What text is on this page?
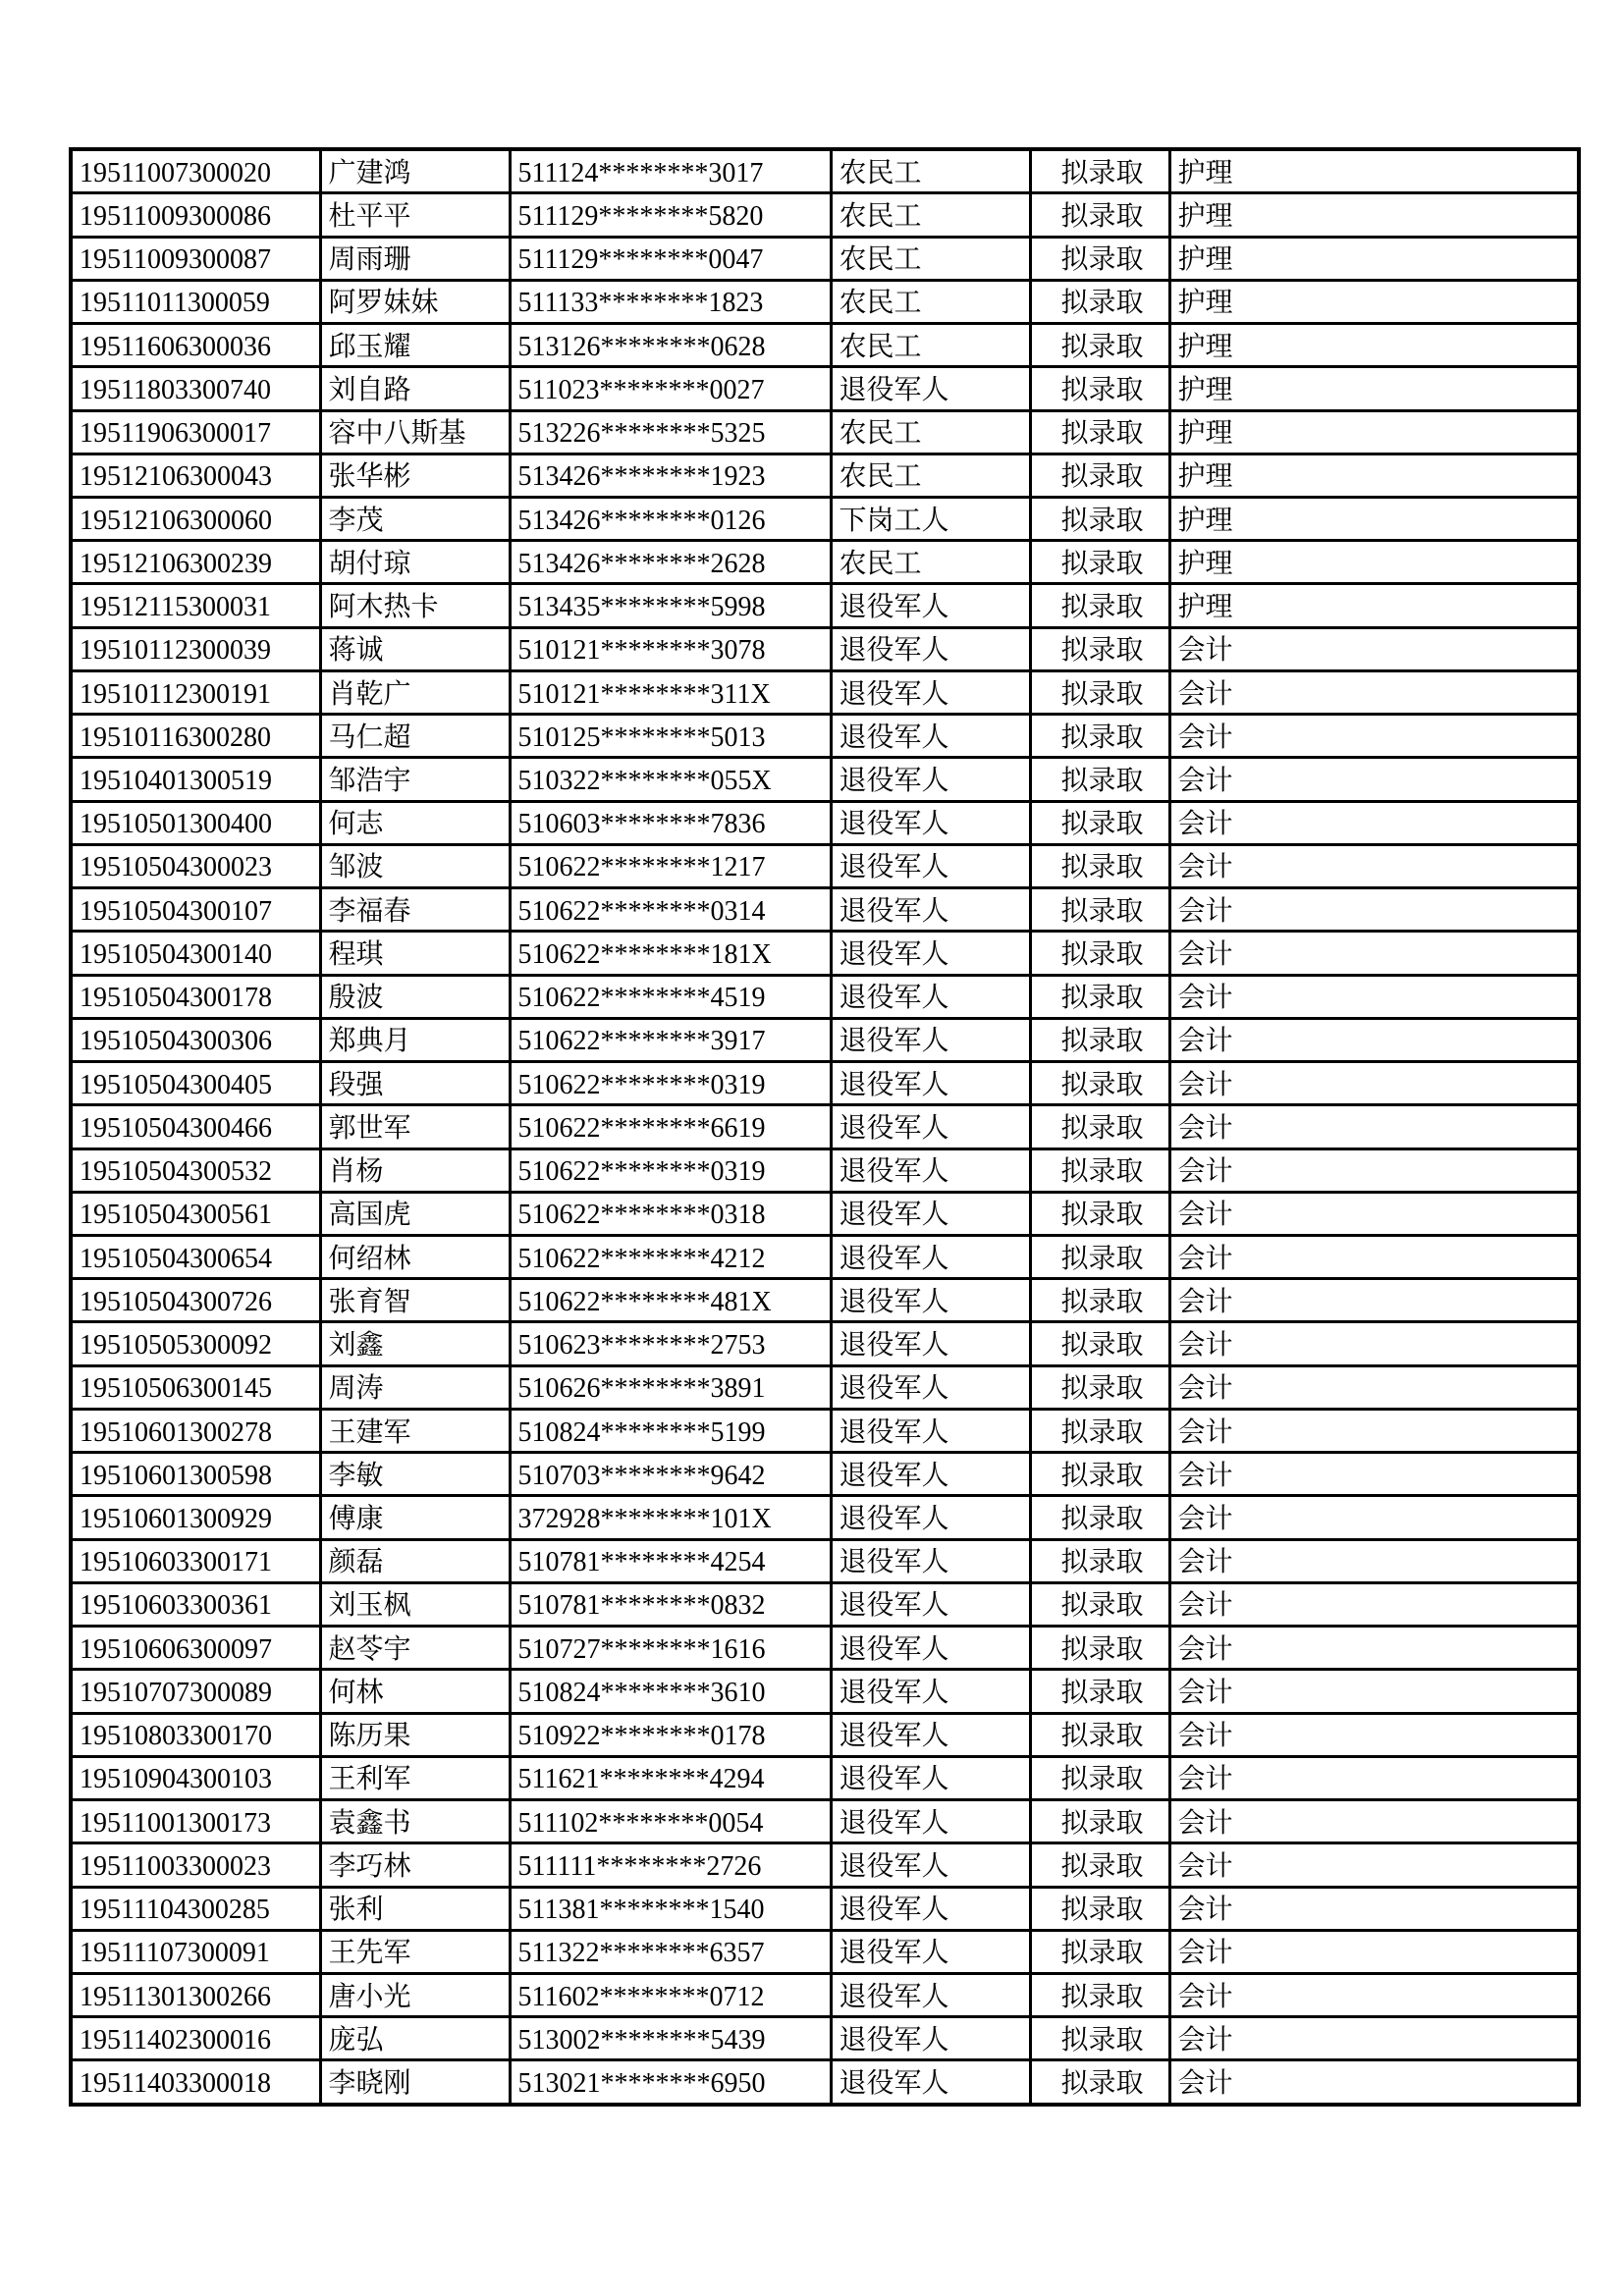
19511007300020	广建鸿	511124********3017	农民工	拟录取	护理
19511009300086	杜平平	511129********5820	农民工	拟录取	护理
19511009300087	周雨珊	511129********0047	农民工	拟录取	护理
19511011300059	阿罗妹妹	511133********1823	农民工	拟录取	护理
19511606300036	邱玉耀	513126********0628	农民工	拟录取	护理
19511803300740	刘自路	511023********0027	退役军人	拟录取	护理
19511906300017	容中八斯基	513226********5325	农民工	拟录取	护理
19512106300043	张华彬	513426********1923	农民工	拟录取	护理
19512106300060	李茂	513426********0126	下岗工人	拟录取	护理
19512106300239	胡付琼	513426********2628	农民工	拟录取	护理
19512115300031	阿木热卡	513435********5998	退役军人	拟录取	护理
19510112300039	蒋诚	510121********3078	退役军人	拟录取	会计
19510112300191	肖乾广	510121********311X	退役军人	拟录取	会计
19510116300280	马仁超	510125********5013	退役军人	拟录取	会计
19510401300519	邹浩宇	510322********055X	退役军人	拟录取	会计
19510501300400	何志	510603********7836	退役军人	拟录取	会计
19510504300023	邹波	510622********1217	退役军人	拟录取	会计
19510504300107	李福春	510622********0314	退役军人	拟录取	会计
19510504300140	程琪	510622********181X	退役军人	拟录取	会计
19510504300178	殷波	510622********4519	退役军人	拟录取	会计
19510504300306	郑典月	510622********3917	退役军人	拟录取	会计
19510504300405	段强	510622********0319	退役军人	拟录取	会计
19510504300466	郭世军	510622********6619	退役军人	拟录取	会计
19510504300532	肖杨	510622********0319	退役军人	拟录取	会计
19510504300561	高国虎	510622********0318	退役军人	拟录取	会计
19510504300654	何绍林	510622********4212	退役军人	拟录取	会计
19510504300726	张育智	510622********481X	退役军人	拟录取	会计
19510505300092	刘鑫	510623********2753	退役军人	拟录取	会计
19510506300145	周涛	510626********3891	退役军人	拟录取	会计
19510601300278	王建军	510824********5199	退役军人	拟录取	会计
19510601300598	李敏	510703********9642	退役军人	拟录取	会计
19510601300929	傅康	372928********101X	退役军人	拟录取	会计
19510603300171	颜磊	510781********4254	退役军人	拟录取	会计
19510603300361	刘玉枫	510781********0832	退役军人	拟录取	会计
19510606300097	赵苓宇	510727********1616	退役军人	拟录取	会计
19510707300089	何林	510824********3610	退役军人	拟录取	会计
19510803300170	陈历果	510922********0178	退役军人	拟录取	会计
19510904300103	王利军	511621********4294	退役军人	拟录取	会计
19511001300173	袁鑫书	511102********0054	退役军人	拟录取	会计
19511003300023	李巧林	511111********2726	退役军人	拟录取	会计
19511104300285	张利	511381********1540	退役军人	拟录取	会计
19511107300091	王先军	511322********6357	退役军人	拟录取	会计
19511301300266	唐小光	511602********0712	退役军人	拟录取	会计
19511402300016	庞弘	513002********5439	退役军人	拟录取	会计
19511403300018	李晓刚	513021********6950	退役军人	拟录取	会计
